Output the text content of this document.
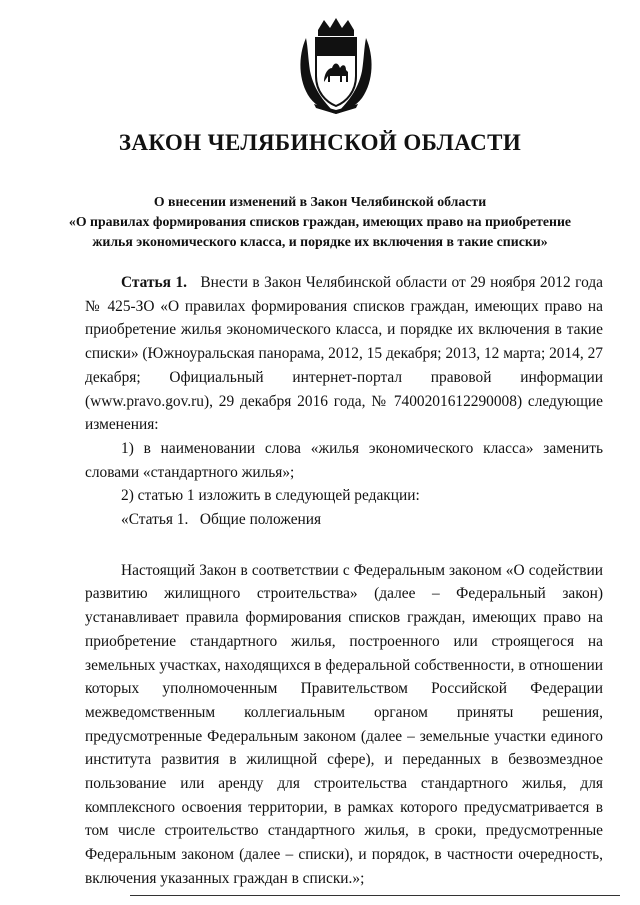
ЗАКОН ЧЕЛЯБИНСКОЙ ОБЛАСТИ
О внесении изменений в Закон Челябинской области
«О правилах формирования списков граждан, имеющих право на приобретение
жилья экономического класса, и порядке их включения в такие списки»

Статья 1. Внести в Закон Челябинской области от 29 ноября 2012 года № 425-ЗО «О правилах формирования списков граждан, имеющих право на приобретение жилья экономического класса, и порядке их включения в такие списки» (Южноуральская панорама, 2012, 15 декабря; 2013, 12 марта; 2014, 27 декабря; Официальный интернет-портал правовой информации (www.pravo.gov.ru), 29 декабря 2016 года, № 7400201612290008) следующие изменения:

1) в наименовании слова «жилья экономического класса» заменить словами «стандартного жилья»;

2) статью 1 изложить в следующей редакции:

«Статья 1.   Общие положения

Настоящий Закон в соответствии с Федеральным законом «О содействии развитию жилищного строительства» (далее – Федеральный закон) устанавливает правила формирования списков граждан, имеющих право на приобретение стандартного жилья, построенного или строящегося на земельных участках, находящихся в федеральной собственности, в отношении которых уполномоченным Правительством Российской Федерации межведомственным коллегиальным органом приняты решения, предусмотренные Федеральным законом (далее – земельные участки единого института развития в жилищной сфере), и переданных в безвозмездное пользование или аренду для строительства стандартного жилья, для комплексного освоения территории, в рамках которого предусматривается в том числе строительство стандартного жилья, в сроки, предусмотренные Федеральным законом (далее – списки), и порядок, в частности очередность, включения указанных граждан в списки.»;
